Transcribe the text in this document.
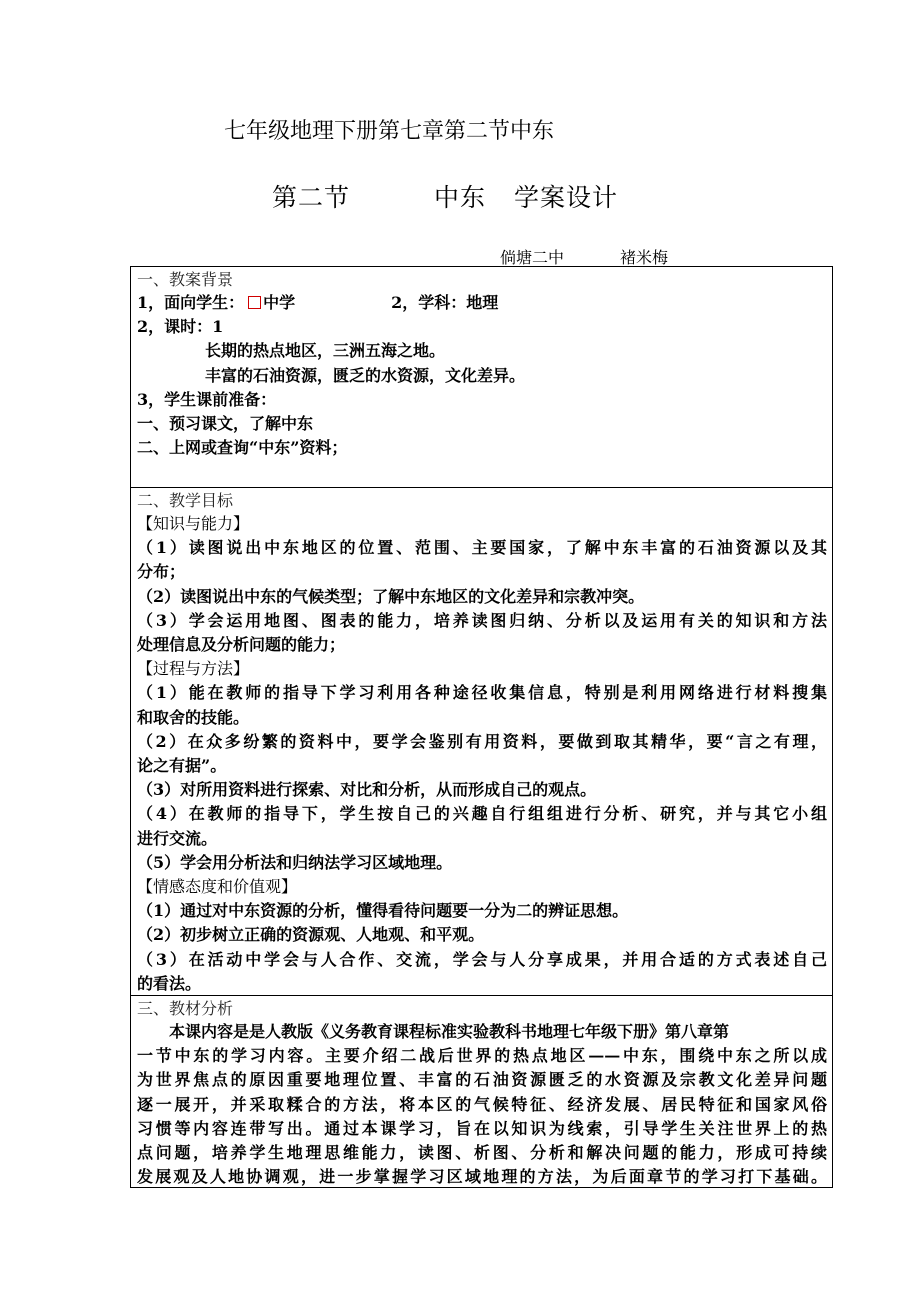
七年级地理下册第七章第二节中东
第二节	中东 学案设计
倘塘二中	褚米梅
一、教案背景
1，面向学生： 中学	2，学科：地理
2，课时：1
长期的热点地区，三洲五海之地。
丰富的石油资源，匮乏的水资源，文化差异。
3，学生课前准备：
一、预习课文，了解中东
二、上网或查询“中东”资料；
二、教学目标
【知识与能力】
（1）读图说出中东地区的位置、范围、主要国家，了解中东丰富的石油资源以及其
分布；
（2）读图说出中东的气候类型；了解中东地区的文化差异和宗教冲突。
（3）学会运用地图、图表的能力，培养读图归纳、分析以及运用有关的知识和方法
处理信息及分析问题的能力；
【过程与方法】
（1）能在教师的指导下学习利用各种途径收集信息，特别是利用网络进行材料搜集
和取舍的技能。
（2）在众多纷繁的资料中，要学会鉴别有用资料，要做到取其精华，要“言之有理，
论之有据”。
（3）对所用资料进行探索、对比和分析，从而形成自己的观点。
（4）在教师的指导下，学生按自己的兴趣自行组组进行分析、研究，并与其它小组
进行交流。
（5）学会用分析法和归纳法学习区域地理。
【情感态度和价值观】
（1）通过对中东资源的分析，懂得看待问题要一分为二的辨证思想。
（2）初步树立正确的资源观、人地观、和平观。
（3）在活动中学会与人合作、交流，学会与人分享成果，并用合适的方式表述自己
的看法。
三、教材分析
本课内容是是人教版《义务教育课程标准实验教科书地理七年级下册》第八章第
一节中东的学习内容。主要介绍二战后世界的热点地区——中东，围绕中东之所以成
为世界焦点的原因重要地理位置、丰富的石油资源匮乏的水资源及宗教文化差异问题
逐一展开，并采取糅合的方法，将本区的气候特征、经济发展、居民特征和国家风俗
习惯等内容连带写出。通过本课学习，旨在以知识为线索，引导学生关注世界上的热
点问题，培养学生地理思维能力，读图、析图、分析和解决问题的能力，形成可持续
发展观及人地协调观，进一步掌握学习区域地理的方法，为后面章节的学习打下基础。
